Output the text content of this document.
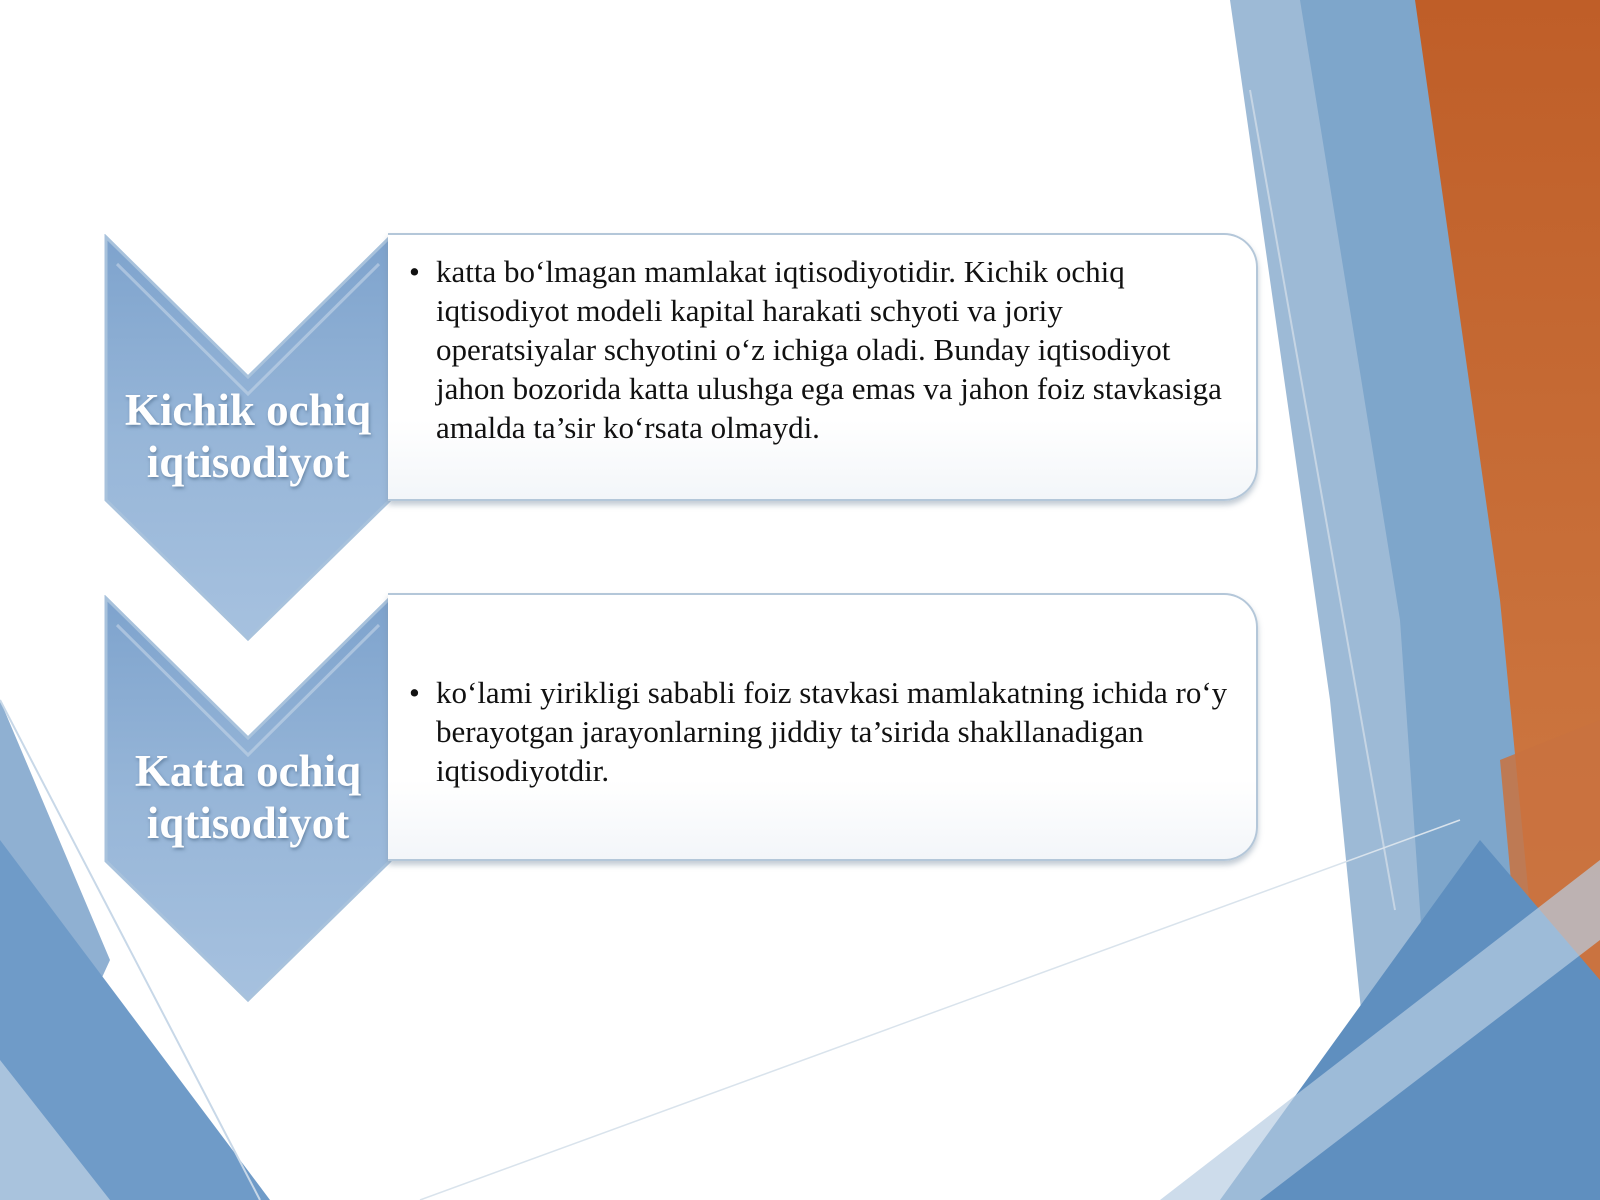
Kichik ochiq iqtisodiyot
• katta bo‘lmagan mamlakat iqtisodiyotidir. Kichik ochiq iqtisodiyot modeli kapital harakati schyoti va joriy operatsiyalar schyotini o‘z ichiga oladi. Bunday iqtisodiyot jahon bozorida katta ulushga ega emas va jahon foiz stavkasiga amalda ta’sir ko‘rsata olmaydi.
Katta ochiq iqtisodiyot
• ko‘lami yirikligi sababli foiz stavkasi mamlakatning ichida ro‘y berayotgan jarayonlarning jiddiy ta’sirida shakllanadigan iqtisodiyotdir.
